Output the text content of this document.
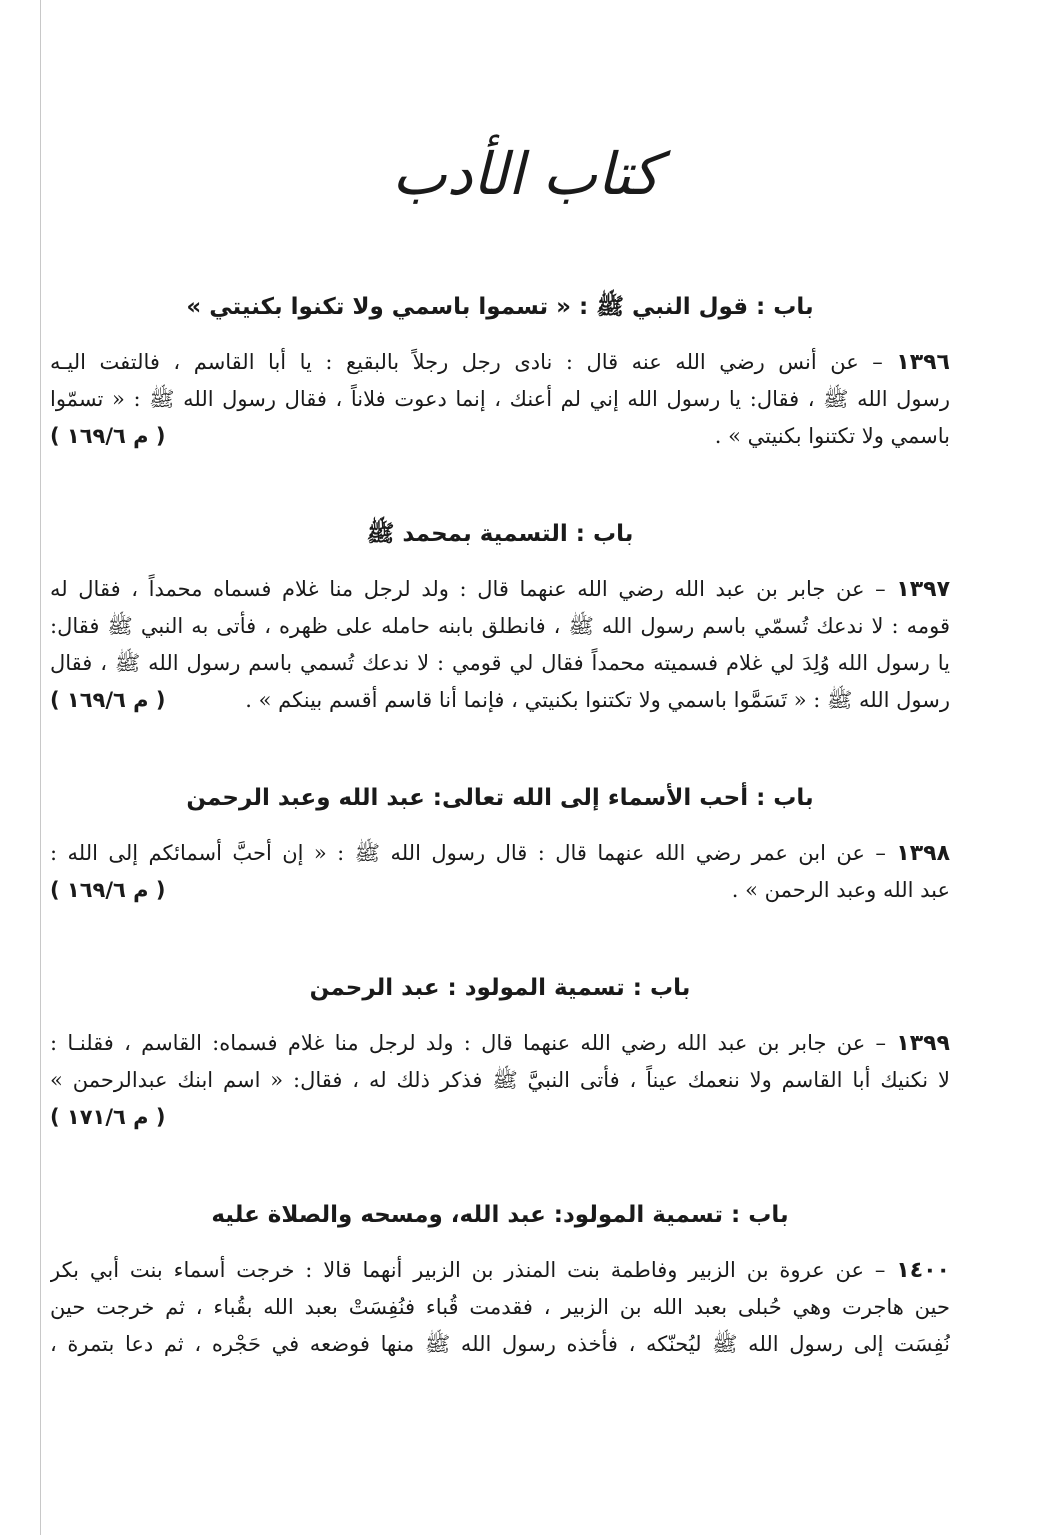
كتاب الأدب
باب : قول النبي ﷺ : « تسموا باسمي ولا تكنوا بكنيتي »
١٣٩٦ – عن أنس رضي الله عنه قال : نادى رجل رجلاً بالبقيع : يا أبا القاسم ، فالتفت اليـه
رسول الله ﷺ ، فقال: يا رسول الله إني لم أعنك ، إنما دعوت فلاناً ، فقال رسول الله ﷺ : « تسمّوا
باسمي ولا تكتنوا بكنيتي » .
( م ١٦٩/٦ )
باب : التسمية بمحمد ﷺ
١٣٩٧ – عن جابر بن عبد الله رضي الله عنهما قال : ولد لرجل منا غلام فسماه محمداً ، فقال له
قومه : لا ندعك تُسمّي باسم رسول الله ﷺ ، فانطلق بابنه حامله على ظهره ، فأتى به النبي ﷺ فقال:
يا رسول الله وُلِدَ لي غلام فسميته محمداً فقال لي قومي : لا ندعك تُسمي باسم رسول الله ﷺ ، فقال
رسول الله ﷺ : « تَسَمَّوا باسمي ولا تكتنوا بكنيتي ، فإنما أنا قاسم أقسم بينكم » .
( م ١٦٩/٦ )
باب : أحب الأسماء إلى الله تعالى: عبد الله وعبد الرحمن
١٣٩٨ – عن ابن عمر رضي الله عنهما قال : قال رسول الله ﷺ : « إن أحبَّ أسمائكم إلى الله :
عبد الله وعبد الرحمن » .
( م ١٦٩/٦ )
باب : تسمية المولود : عبد الرحمن
١٣٩٩ – عن جابر بن عبد الله رضي الله عنهما قال : ولد لرجل منا غلام فسماه: القاسم ، فقلنـا :
لا نكنيك أبا القاسم ولا ننعمك عيناً ، فأتى النبيَّ ﷺ فذكر ذلك له ، فقال: « اسم ابنك عبدالرحمن »
( م ١٧١/٦ )
باب : تسمية المولود: عبد الله، ومسحه والصلاة عليه
١٤٠٠ – عن عروة بن الزبير وفاطمة بنت المنذر بن الزبير أنهما قالا : خرجت أسماء بنت أبي بكر
حين هاجرت وهي حُبلى بعبد الله بن الزبير ، فقدمت قُباء فنُفِسَتْ بعبد الله بقُباء ، ثم خرجت حين
نُفِسَت إلى رسول الله ﷺ ليُحنّكه ، فأخذه رسول الله ﷺ منها فوضعه في حَجْره ، ثم دعا بتمرة ،
